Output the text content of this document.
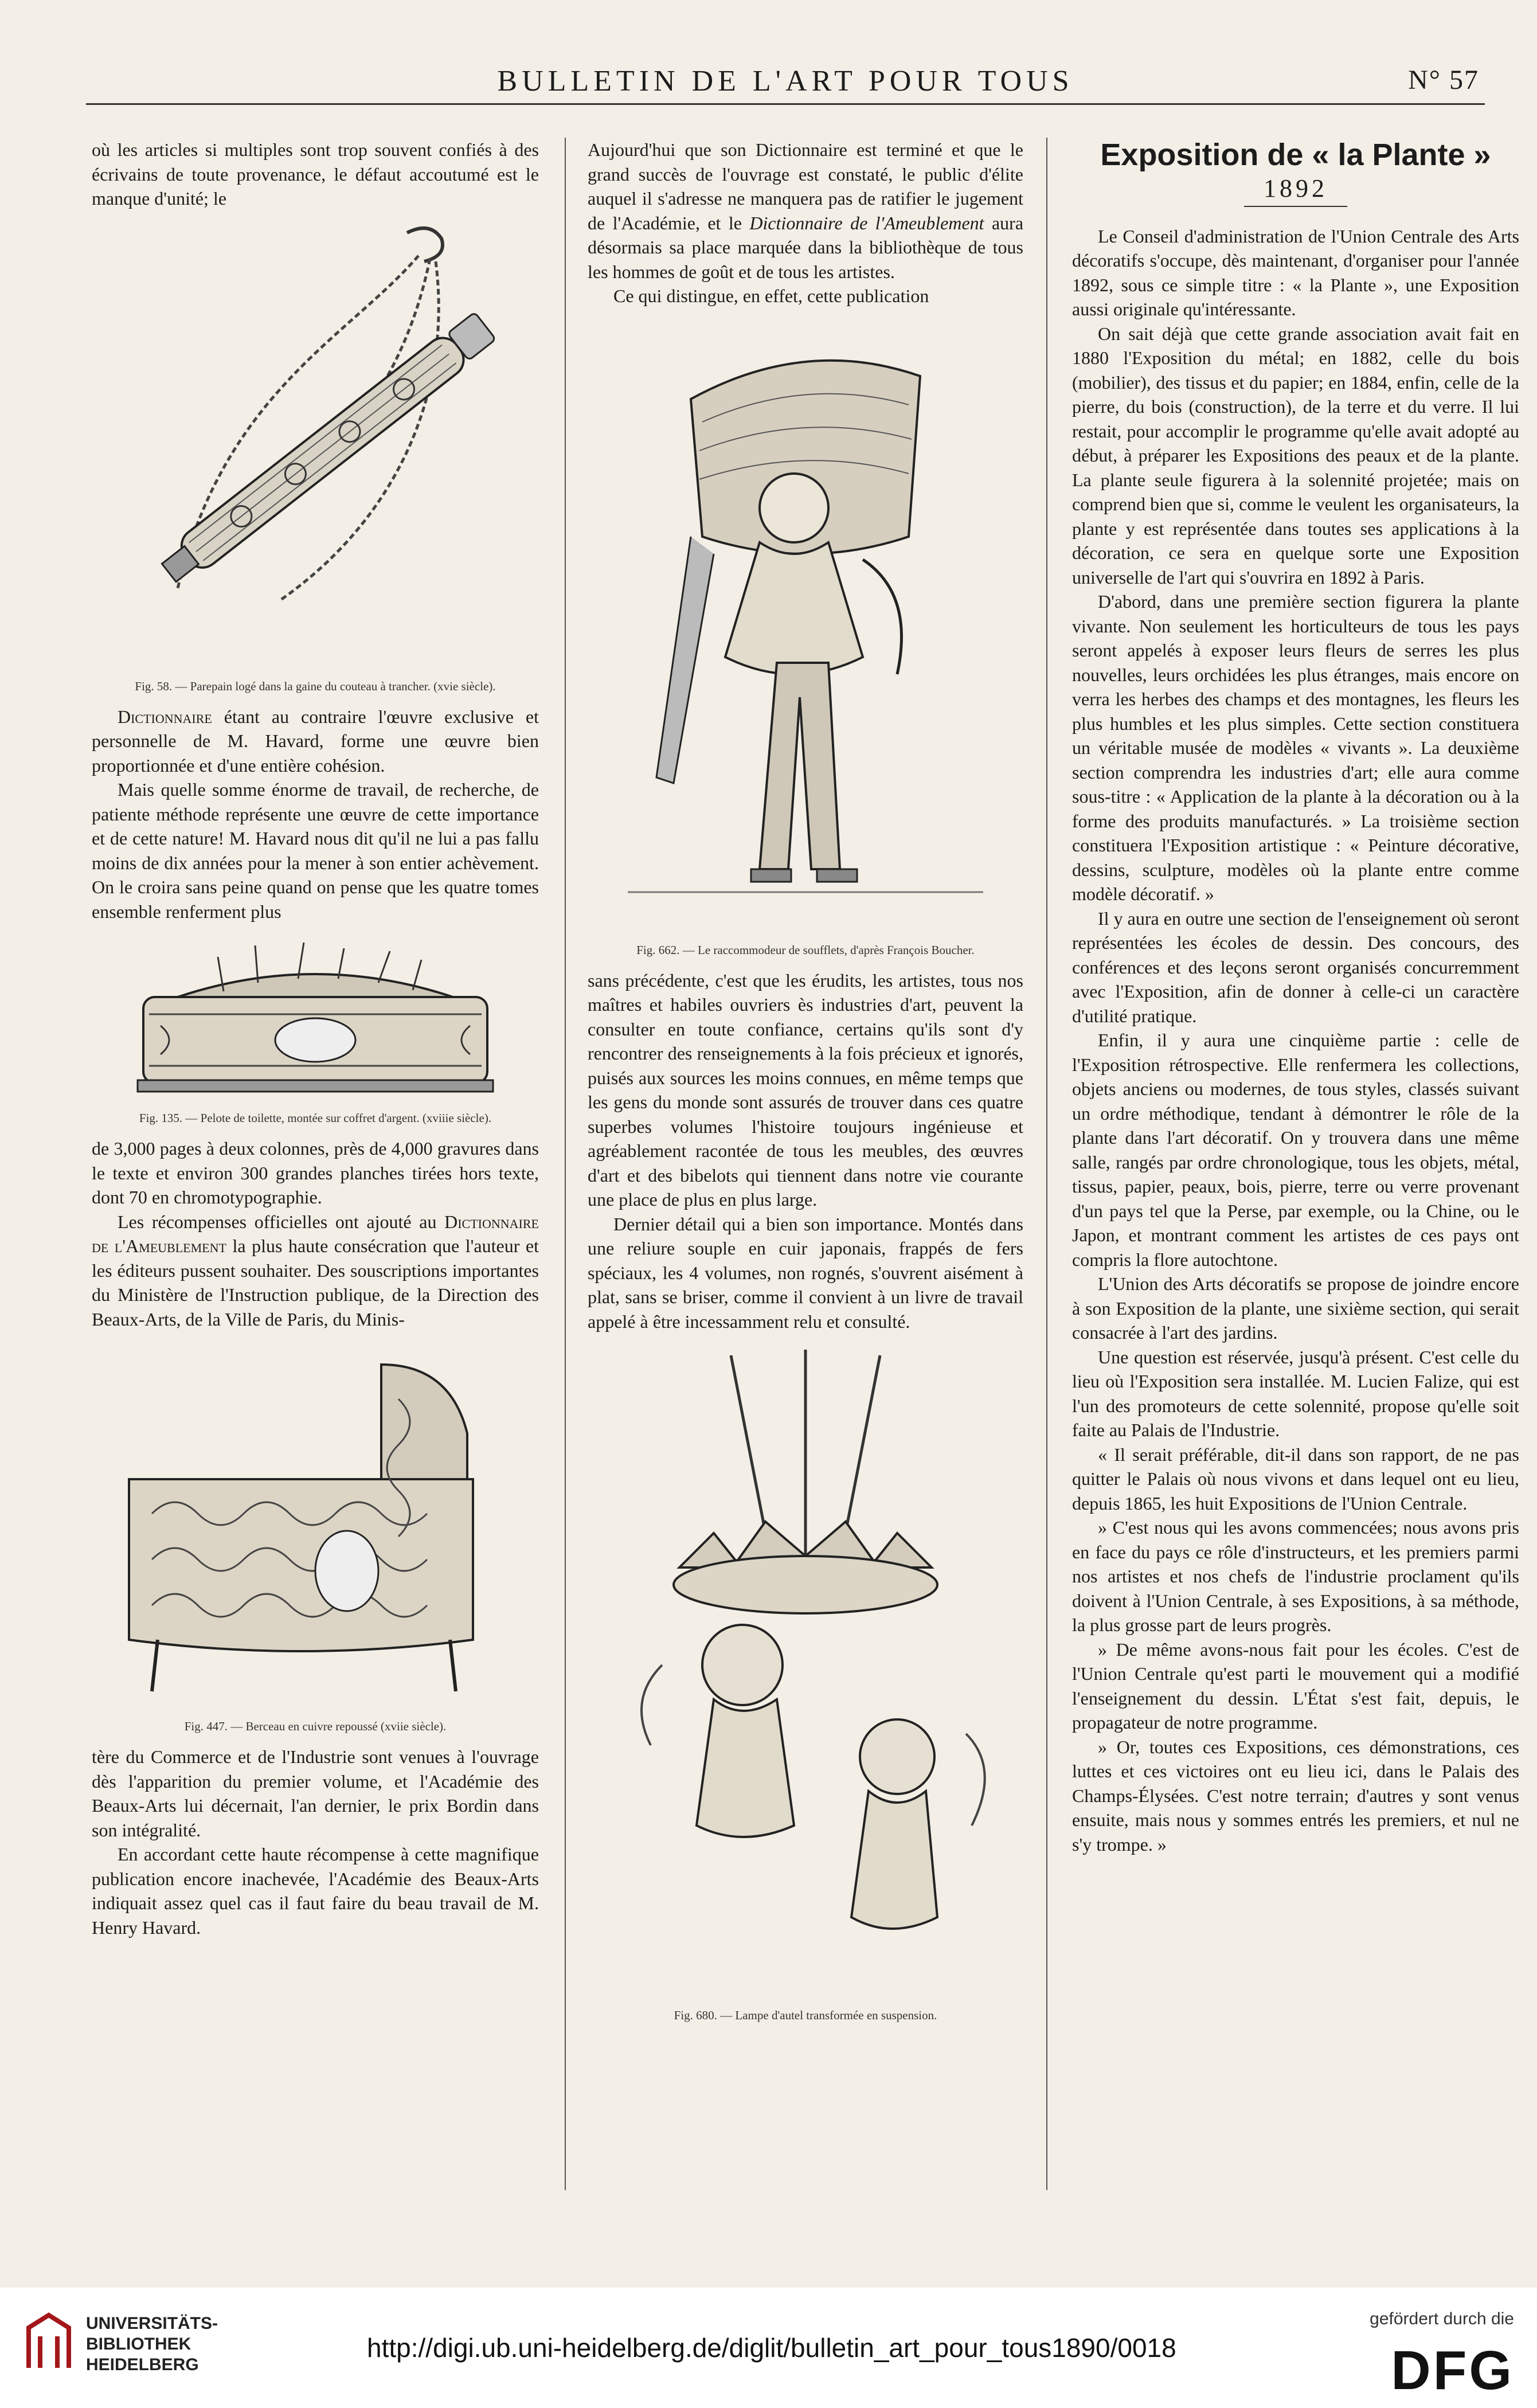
BULLETIN DE L'ART POUR TOUS	N° 57

où les articles si multiples sont trop souvent confiés à des écrivains de toute provenance, le défaut accoutumé est le manque d'unité; le

Fig. 58. — Parepain logé dans la gaine du couteau à trancher. (xvie siècle).

Dictionnaire étant au contraire l'œuvre exclusive et personnelle de M. Havard, forme une œuvre bien proportionnée et d'une entière cohésion.

Mais quelle somme énorme de travail, de recherche, de patiente méthode représente une œuvre de cette importance et de cette nature! M. Havard nous dit qu'il ne lui a pas fallu moins de dix années pour la mener à son entier achèvement. On le croira sans peine quand on pense que les quatre tomes ensemble renferment plus

Fig. 135. — Pelote de toilette, montée sur coffret d'argent. (xviiie siècle).

de 3,000 pages à deux colonnes, près de 4,000 gravures dans le texte et environ 300 grandes planches tirées hors texte, dont 70 en chromotypographie.

Les récompenses officielles ont ajouté au Dictionnaire de l'Ameublement la plus haute consécration que l'auteur et les éditeurs pussent souhaiter. Des souscriptions importantes du Ministère de l'Instruction publique, de la Direction des Beaux-Arts, de la Ville de Paris, du Minis-

Fig. 447. — Berceau en cuivre repoussé (xviie siècle).

tère du Commerce et de l'Industrie sont venues à l'ouvrage dès l'apparition du premier volume, et l'Académie des Beaux-Arts lui décernait, l'an dernier, le prix Bordin dans son intégralité.

En accordant cette haute récompense à cette magnifique publication encore inachevée, l'Académie des Beaux-Arts indiquait assez quel cas il faut faire du beau travail de M. Henry Havard.

Aujourd'hui que son Dictionnaire est terminé et que le grand succès de l'ouvrage est constaté, le public d'élite auquel il s'adresse ne manquera pas de ratifier le jugement de l'Académie, et le Dictionnaire de l'Ameublement aura désormais sa place marquée dans la bibliothèque de tous les hommes de goût et de tous les artistes.

Ce qui distingue, en effet, cette publication

Fig. 662. — Le raccommodeur de soufflets, d'après François Boucher.

sans précédente, c'est que les érudits, les artistes, tous nos maîtres et habiles ouvriers ès industries d'art, peuvent la consulter en toute confiance, certains qu'ils sont d'y rencontrer des renseignements à la fois précieux et ignorés, puisés aux sources les moins connues, en même temps que les gens du monde sont assurés de trouver dans ces quatre superbes volumes l'histoire toujours ingénieuse et agréablement racontée de tous les meubles, des œuvres d'art et des bibelots qui tiennent dans notre vie courante une place de plus en plus large.

Dernier détail qui a bien son importance. Montés dans une reliure souple en cuir japonais, frappés de fers spéciaux, les 4 volumes, non rognés, s'ouvrent aisément à plat, sans se briser, comme il convient à un livre de travail appelé à être incessamment relu et consulté.

Fig. 680. — Lampe d'autel transformée en suspension.
Exposition de « la Plante »
1892

Le Conseil d'administration de l'Union Centrale des Arts décoratifs s'occupe, dès maintenant, d'organiser pour l'année 1892, sous ce simple titre : « la Plante », une Exposition aussi originale qu'intéressante.

On sait déjà que cette grande association avait fait en 1880 l'Exposition du métal; en 1882, celle du bois (mobilier), des tissus et du papier; en 1884, enfin, celle de la pierre, du bois (construction), de la terre et du verre. Il lui restait, pour accomplir le programme qu'elle avait adopté au début, à préparer les Expositions des peaux et de la plante. La plante seule figurera à la solennité projetée; mais on comprend bien que si, comme le veulent les organisateurs, la plante y est représentée dans toutes ses applications à la décoration, ce sera en quelque sorte une Exposition universelle de l'art qui s'ouvrira en 1892 à Paris.

D'abord, dans une première section figurera la plante vivante. Non seulement les horticulteurs de tous les pays seront appelés à exposer leurs fleurs de serres les plus nouvelles, leurs orchidées les plus étranges, mais encore on verra les herbes des champs et des montagnes, les fleurs les plus humbles et les plus simples. Cette section constituera un véritable musée de modèles « vivants ». La deuxième section comprendra les industries d'art; elle aura comme sous-titre : « Application de la plante à la décoration ou à la forme des produits manufacturés. » La troisième section constituera l'Exposition artistique : « Peinture décorative, dessins, sculpture, modèles où la plante entre comme modèle décoratif. »

Il y aura en outre une section de l'enseignement où seront représentées les écoles de dessin. Des concours, des conférences et des leçons seront organisés concurremment avec l'Exposition, afin de donner à celle-ci un caractère d'utilité pratique.

Enfin, il y aura une cinquième partie : celle de l'Exposition rétrospective. Elle renfermera les collections, objets anciens ou modernes, de tous styles, classés suivant un ordre méthodique, tendant à démontrer le rôle de la plante dans l'art décoratif. On y trouvera dans une même salle, rangés par ordre chronologique, tous les objets, métal, tissus, papier, peaux, bois, pierre, terre ou verre provenant d'un pays tel que la Perse, par exemple, ou la Chine, ou le Japon, et montrant comment les artistes de ces pays ont compris la flore autochtone.

L'Union des Arts décoratifs se propose de joindre encore à son Exposition de la plante, une sixième section, qui serait consacrée à l'art des jardins.

Une question est réservée, jusqu'à présent. C'est celle du lieu où l'Exposition sera installée. M. Lucien Falize, qui est l'un des promoteurs de cette solennité, propose qu'elle soit faite au Palais de l'Industrie.

« Il serait préférable, dit-il dans son rapport, de ne pas quitter le Palais où nous vivons et dans lequel ont eu lieu, depuis 1865, les huit Expositions de l'Union Centrale.

» C'est nous qui les avons commencées; nous avons pris en face du pays ce rôle d'instructeurs, et les premiers parmi nos artistes et nos chefs de l'industrie proclament qu'ils doivent à l'Union Centrale, à ses Expositions, à sa méthode, la plus grosse part de leurs progrès.

» De même avons-nous fait pour les écoles. C'est de l'Union Centrale qu'est parti le mouvement qui a modifié l'enseignement du dessin. L'État s'est fait, depuis, le propagateur de notre programme.

» Or, toutes ces Expositions, ces démonstrations, ces luttes et ces victoires ont eu lieu ici, dans le Palais des Champs-Élysées. C'est notre terrain; d'autres y sont venus ensuite, mais nous y sommes entrés les premiers, et nul ne s'y trompe. »

UNIVERSITÄTS-
BIBLIOTHEK
HEIDELBERG
http://digi.ub.uni-heidelberg.de/diglit/bulletin_art_pour_tous1890/0018
gefördert durch die
DFG
